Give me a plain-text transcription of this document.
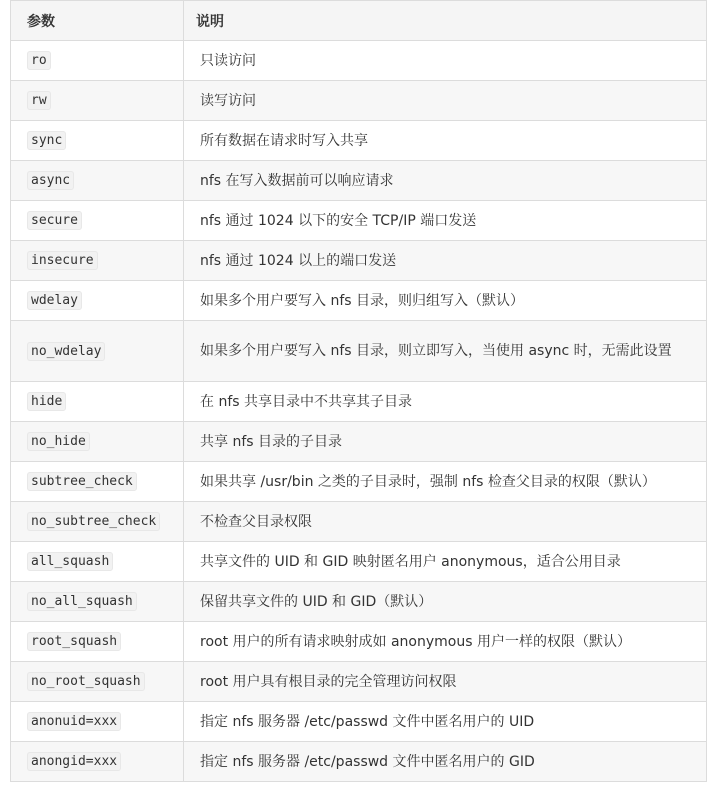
参数	说明
ro	只读访问
rw	读写访问
sync	所有数据在请求时写入共享
async	nfs 在写入数据前可以响应请求
secure	nfs 通过 1024 以下的安全 TCP/IP 端口发送
insecure	nfs 通过 1024 以上的端口发送
wdelay	如果多个用户要写入 nfs 目录，则归组写入（默认）
no_wdelay	如果多个用户要写入 nfs 目录，则立即写入，当使用 async 时，无需此设置
hide	在 nfs 共享目录中不共享其子目录
no_hide	共享 nfs 目录的子目录
subtree_check	如果共享 /usr/bin 之类的子目录时，强制 nfs 检查父目录的权限（默认）
no_subtree_check	不检查父目录权限
all_squash	共享文件的 UID 和 GID 映射匿名用户 anonymous，适合公用目录
no_all_squash	保留共享文件的 UID 和 GID（默认）
root_squash	root 用户的所有请求映射成如 anonymous 用户一样的权限（默认）
no_root_squash	root 用户具有根目录的完全管理访问权限
anonuid=xxx	指定 nfs 服务器 /etc/passwd 文件中匿名用户的 UID
anongid=xxx	指定 nfs 服务器 /etc/passwd 文件中匿名用户的 GID
